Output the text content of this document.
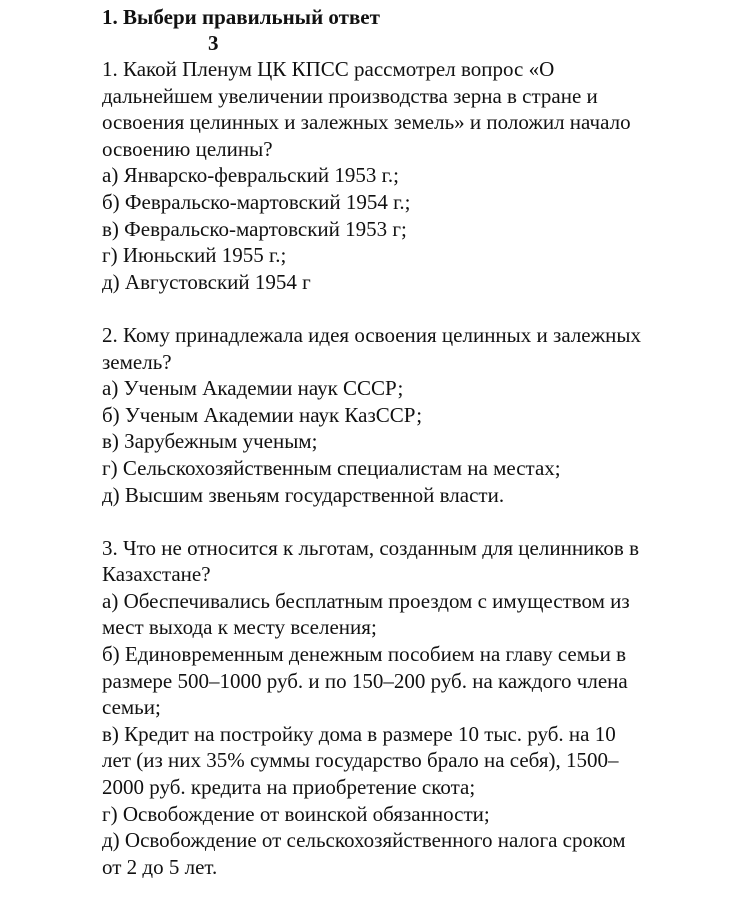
1. Выбери правильный ответ
3
1. Какой Пленум ЦК КПСС рассмотрел вопрос «О
дальнейшем увеличении производства зерна в стране и
освоения целинных и залежных земель» и положил начало
освоению целины?
а) Январско-февральский 1953 г.;
б) Февральско-мартовский 1954 г.;
в) Февральско-мартовский 1953 г;
г) Июньский 1955 г.;
д) Августовский 1954 г
2. Кому принадлежала идея освоения целинных и залежных
земель?
а) Ученым Академии наук СССР;
б) Ученым Академии наук КазССР;
в) Зарубежным ученым;
г) Сельскохозяйственным специалистам на местах;
д) Высшим звеньям государственной власти.
3. Что не относится к льготам, созданным для целинников в
Казахстане?
а) Обеспечивались бесплатным проездом с имуществом из
мест выхода к месту вселения;
б) Единовременным денежным пособием на главу семьи в
размере 500–1000 руб. и по 150–200 руб. на каждого члена
семьи;
в) Кредит на постройку дома в размере 10 тыс. руб. на 10
лет (из них 35% суммы государство брало на себя), 1500–
2000 руб. кредита на приобретение скота;
г) Освобождение от воинской обязанности;
д) Освобождение от сельскохозяйственного налога сроком
от 2 до 5 лет.
